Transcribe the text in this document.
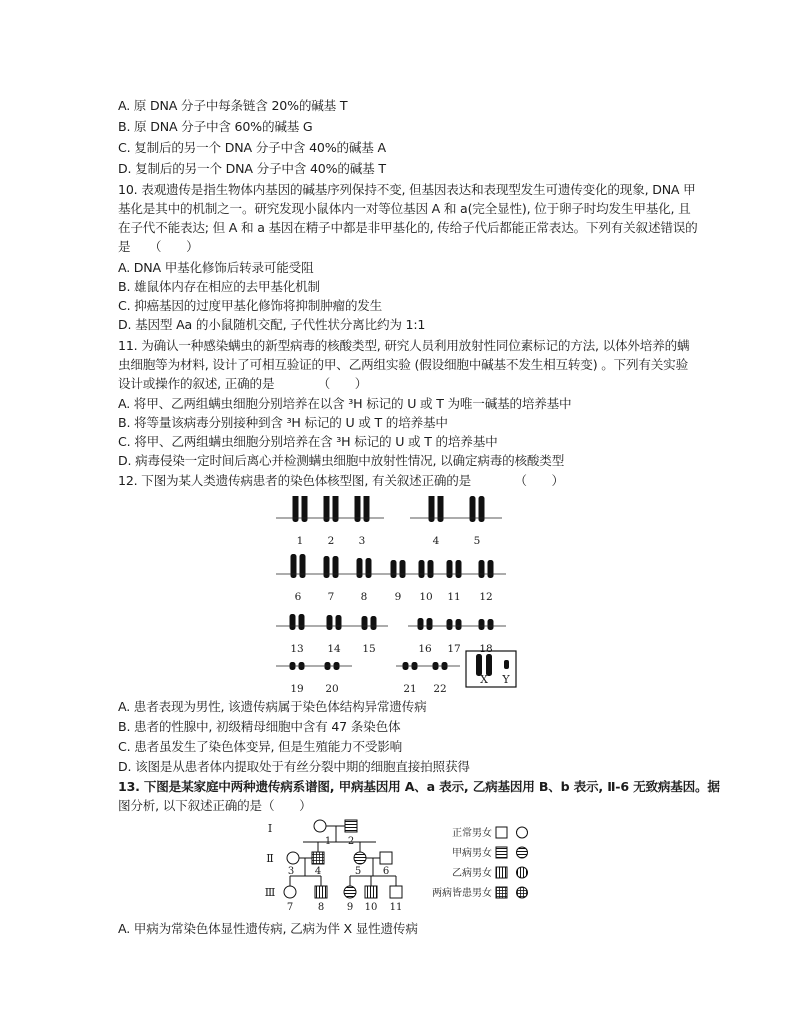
A. 原 DNA 分子中每条链含 20%的碱基 T
B. 原 DNA 分子中含 60%的碱基 G
C. 复制后的另一个 DNA 分子中含 40%的碱基 A
D. 复制后的另一个 DNA 分子中含 40%的碱基 T
10. 表观遗传是指生物体内基因的碱基序列保持不变, 但基因表达和表现型发生可遗传变化的现象, DNA 甲
基化是其中的机制之一。研究发现小鼠体内一对等位基因 A 和 a(完全显性), 位于卵子时均发生甲基化, 且
在子代不能表达; 但 A 和 a 基因在精子中都是非甲基化的, 传给子代后都能正常表达。下列有关叙述错误的
是　　（　　）
A. DNA 甲基化修饰后转录可能受阻
B. 雄鼠体内存在相应的去甲基化机制
C. 抑癌基因的过度甲基化修饰将抑制肿瘤的发生
D. 基因型 Aa 的小鼠随机交配, 子代性状分离比约为 1:1
11. 为确认一种感染螨虫的新型病毒的核酸类型, 研究人员利用放射性同位素标记的方法, 以体外培养的螨
虫细胞等为材料, 设计了可相互验证的甲、乙两组实验 (假设细胞中碱基不发生相互转变) 。下列有关实验
设计或操作的叙述, 正确的是　　　　（　　）
A. 将甲、乙两组螨虫细胞分别培养在以含 ³H 标记的 U 或 T 为唯一碱基的培养基中
B. 将等量该病毒分别接种到含 ³H 标记的 U 或 T 的培养基中
C. 将甲、乙两组螨虫细胞分别培养在含 ³H 标记的 U 或 T 的培养基中
D. 病毒侵染一定时间后离心并检测螨虫细胞中放射性情况, 以确定病毒的核酸类型
12. 下图为某人类遗传病患者的染色体核型图, 有关叙述正确的是　　　　（　　）
1 2 3	4	5
6	7	8	9 10 11 12
13 14 15	16 17 18
19 20	21 22
X Y
A. 患者表现为男性, 该遗传病属于染色体结构异常遗传病
B. 患者的性腺中, 初级精母细胞中含有 47 条染色体
C. 患者虽发生了染色体变异, 但是生殖能力不受影响
D. 该图是从患者体内提取处于有丝分裂中期的细胞直接拍照获得
13. 下图是某家庭中两种遗传病系谱图, 甲病基因用 A、a 表示, 乙病基因用 B、b 表示, Ⅱ-6 无致病基因。据
图分析, 以下叙述正确的是（　　）
Ⅰ
Ⅱ
Ⅲ
1 2
3 4	5 6
7 8 9 10 11
正常男女
甲病男女
乙病男女
两病皆患男女
A. 甲病为常染色体显性遗传病, 乙病为伴 X 显性遗传病
